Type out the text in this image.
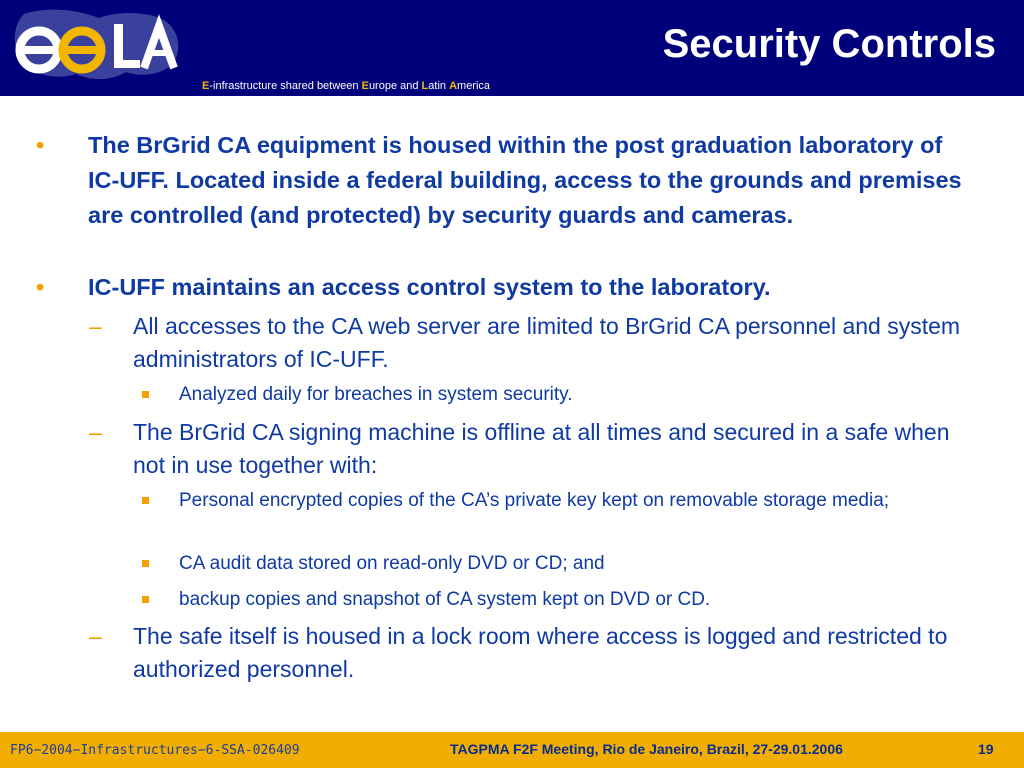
Security Controls
E-infrastructure shared between Europe and Latin America
• The BrGrid CA equipment is housed within the post graduation laboratory of IC-UFF. Located inside a federal building, access to the grounds and premises are controlled (and protected) by security guards and cameras.
• IC-UFF maintains an access control system to the laboratory.
– All accesses to the CA web server are limited to BrGrid CA personnel and system administrators of IC-UFF.
Analyzed daily for breaches in system security.
– The BrGrid CA signing machine is offline at all times and secured in a safe when not in use together with:
Personal encrypted copies of the CA’s private key kept on removable storage media;
CA audit data stored on read-only DVD or CD; and
backup copies and snapshot of CA system kept on DVD or CD.
– The safe itself is housed in a lock room where access is logged and restricted to authorized personnel.
FP6−2004−Infrastructures−6-SSA-026409	TAGPMA F2F Meeting, Rio de Janeiro, Brazil, 27-29.01.2006	19
